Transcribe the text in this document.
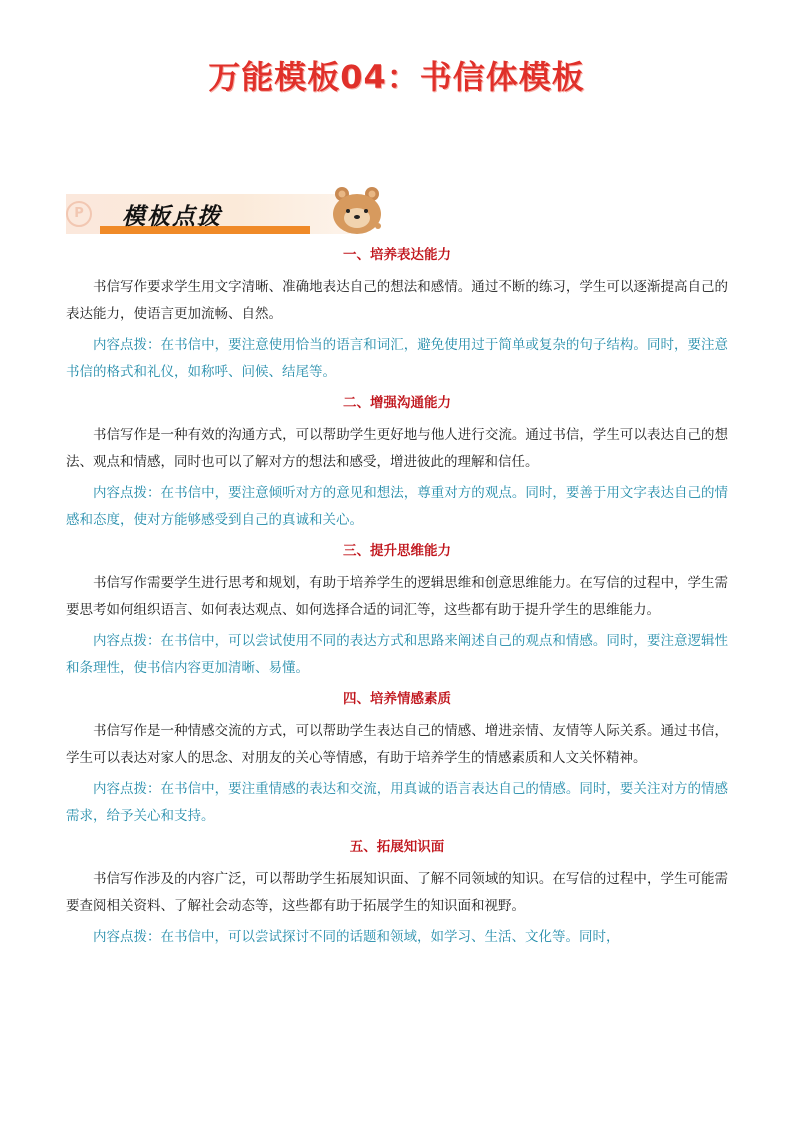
万能模板04：书信体模板
P	模板点拨
一、培养表达能力

书信写作要求学生用文字清晰、准确地表达自己的想法和感情。通过不断的练习，学生可以逐渐提高自己的表达能力，使语言更加流畅、自然。

内容点拨：在书信中，要注意使用恰当的语言和词汇，避免使用过于简单或复杂的句子结构。同时，要注意书信的格式和礼仪，如称呼、问候、结尾等。

二、增强沟通能力

书信写作是一种有效的沟通方式，可以帮助学生更好地与他人进行交流。通过书信，学生可以表达自己的想法、观点和情感，同时也可以了解对方的想法和感受，增进彼此的理解和信任。

内容点拨：在书信中，要注意倾听对方的意见和想法，尊重对方的观点。同时，要善于用文字表达自己的情感和态度，使对方能够感受到自己的真诚和关心。

三、提升思维能力

书信写作需要学生进行思考和规划，有助于培养学生的逻辑思维和创意思维能力。在写信的过程中，学生需要思考如何组织语言、如何表达观点、如何选择合适的词汇等，这些都有助于提升学生的思维能力。

内容点拨：在书信中，可以尝试使用不同的表达方式和思路来阐述自己的观点和情感。同时，要注意逻辑性和条理性，使书信内容更加清晰、易懂。

四、培养情感素质

书信写作是一种情感交流的方式，可以帮助学生表达自己的情感、增进亲情、友情等人际关系。通过书信，学生可以表达对家人的思念、对朋友的关心等情感，有助于培养学生的情感素质和人文关怀精神。

内容点拨：在书信中，要注重情感的表达和交流，用真诚的语言表达自己的情感。同时，要关注对方的情感需求，给予关心和支持。

五、拓展知识面

书信写作涉及的内容广泛，可以帮助学生拓展知识面、了解不同领域的知识。在写信的过程中，学生可能需要查阅相关资料、了解社会动态等，这些都有助于拓展学生的知识面和视野。

内容点拨：在书信中，可以尝试探讨不同的话题和领域，如学习、生活、文化等。同时，
